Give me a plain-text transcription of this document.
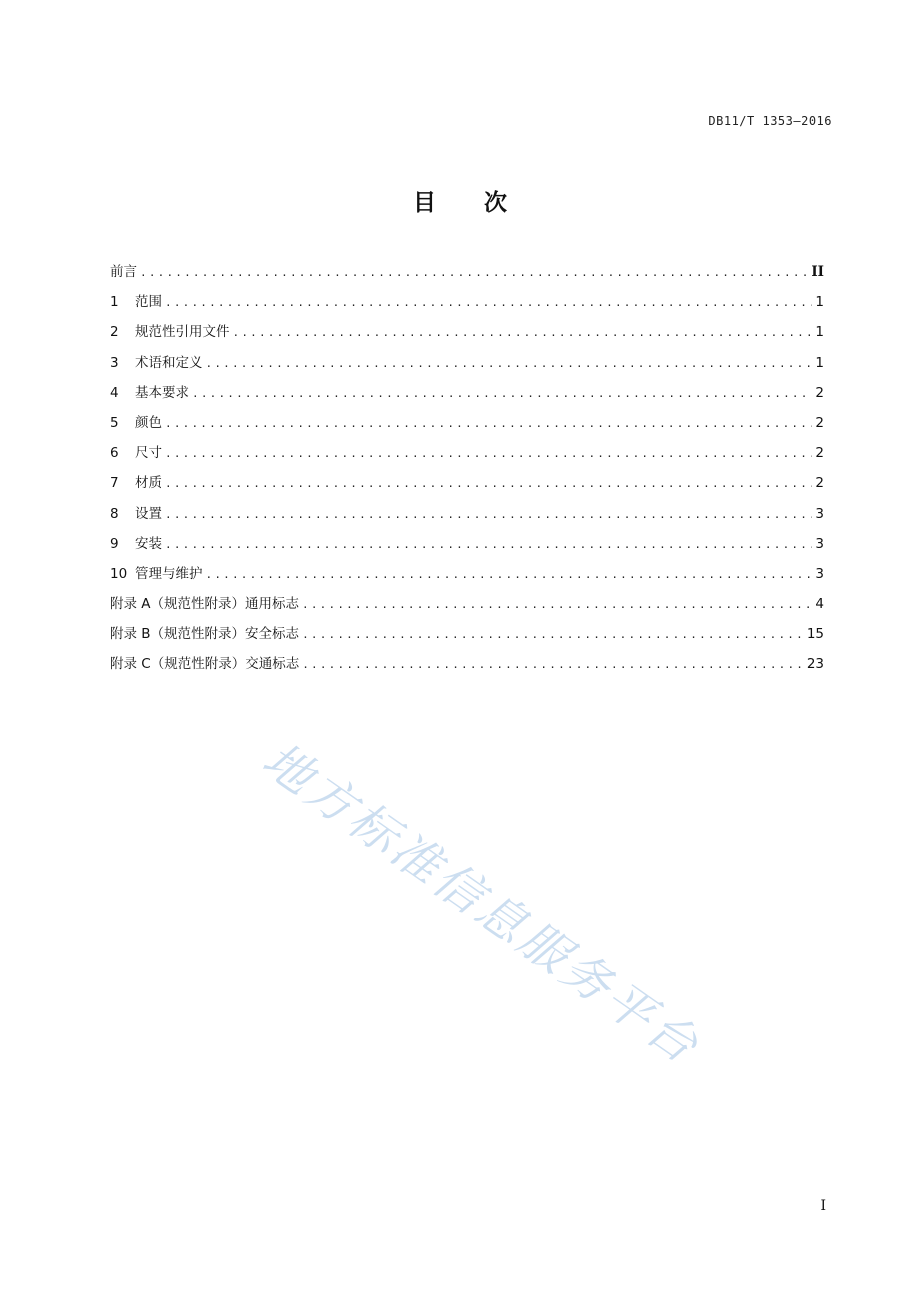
DB11/T 1353—2016
目 次
前言 .....	II
1	范围 .....	1
2	规范性引用文件 .....	1
3	术语和定义 .....	1
4	基本要求 .....	2
5	颜色 .....	2
6	尺寸 .....	2
7	材质 .....	2
8	设置 .....	3
9	安装 .....	3
10 管理与维护 .....	3
附录 A（规范性附录）通用标志 .....	4
附录 B（规范性附录）安全标志 .....	15
附录 C（规范性附录）交通标志 .....	23
地方标准信息服务平台
I
